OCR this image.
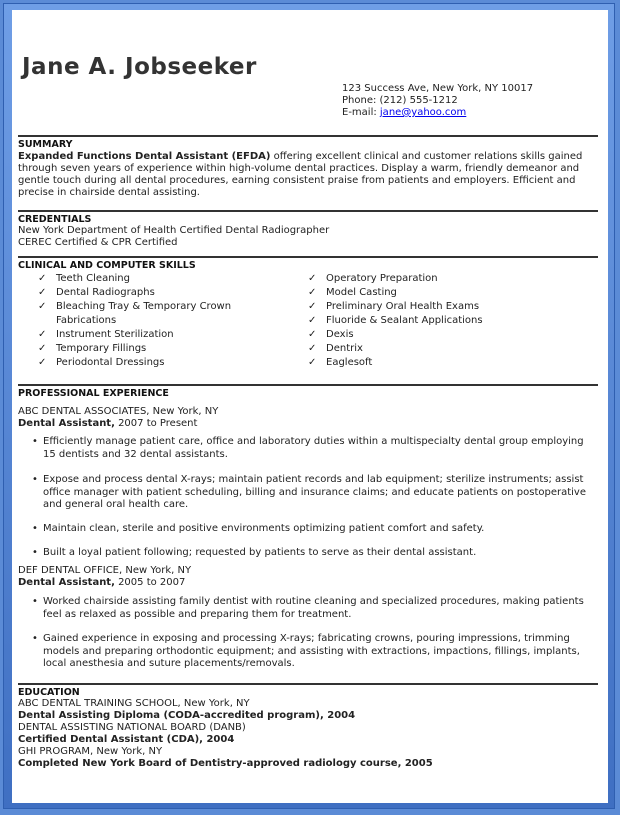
Jane A. Jobseeker
123 Success Ave, New York, NY 10017
Phone: (212) 555-1212
E-mail: jane@yahoo.com
SUMMARY
Expanded Functions Dental Assistant (EFDA) offering excellent clinical and customer relations skills gained through seven years of experience within high-volume dental practices. Display a warm, friendly demeanor and gentle touch during all dental procedures, earning consistent praise from patients and employers. Efficient and precise in chairside dental assisting.
CREDENTIALS
New York Department of Health Certified Dental Radiographer
CEREC Certified & CPR Certified
CLINICAL AND COMPUTER SKILLS
✓ Teeth Cleaning
✓ Dental Radiographs
✓ Bleaching Tray & Temporary Crown Fabrications
✓ Instrument Sterilization
✓ Temporary Fillings
✓ Periodontal Dressings
✓ Operatory Preparation
✓ Model Casting
✓ Preliminary Oral Health Exams
✓ Fluoride & Sealant Applications
✓ Dexis
✓ Dentrix
✓ Eaglesoft
PROFESSIONAL EXPERIENCE
ABC DENTAL ASSOCIATES, New York, NY
Dental Assistant, 2007 to Present
• Efficiently manage patient care, office and laboratory duties within a multispecialty dental group employing 15 dentists and 32 dental assistants.
• Expose and process dental X-rays; maintain patient records and lab equipment; sterilize instruments; assist office manager with patient scheduling, billing and insurance claims; and educate patients on postoperative and general oral health care.
• Maintain clean, sterile and positive environments optimizing patient comfort and safety.
• Built a loyal patient following; requested by patients to serve as their dental assistant.
DEF DENTAL OFFICE, New York, NY
Dental Assistant, 2005 to 2007
• Worked chairside assisting family dentist with routine cleaning and specialized procedures, making patients feel as relaxed as possible and preparing them for treatment.
• Gained experience in exposing and processing X-rays; fabricating crowns, pouring impressions, trimming models and preparing orthodontic equipment; and assisting with extractions, impactions, fillings, implants, local anesthesia and suture placements/removals.
EDUCATION
ABC DENTAL TRAINING SCHOOL, New York, NY
Dental Assisting Diploma (CODA-accredited program), 2004
DENTAL ASSISTING NATIONAL BOARD (DANB)
Certified Dental Assistant (CDA), 2004
GHI PROGRAM, New York, NY
Completed New York Board of Dentistry-approved radiology course, 2005
